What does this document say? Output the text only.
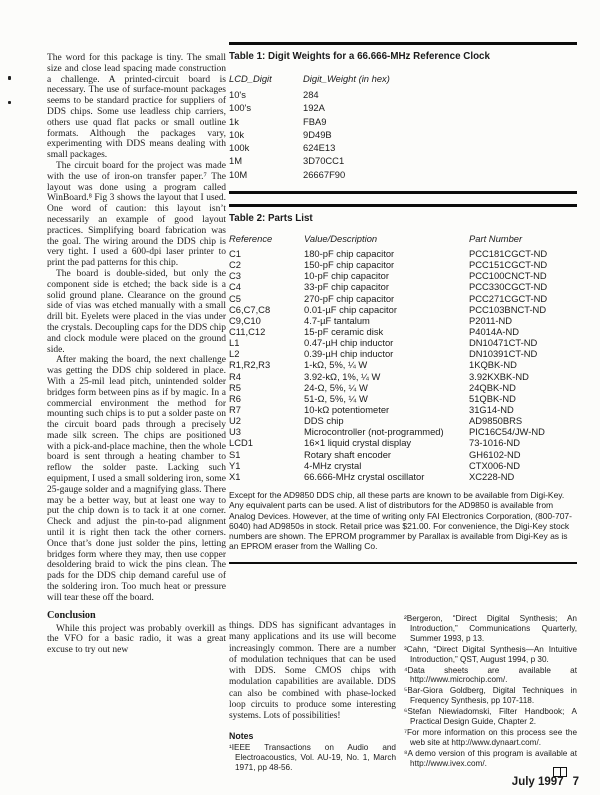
The word for this package is tiny. The small size and close lead spacing made construction a challenge. A printed-circuit board is necessary. The use of surface-mount packages seems to be standard practice for suppliers of DDS chips. Some use leadless chip carriers, others use quad flat packs or small outline formats. Although the packages vary, experimenting with DDS means dealing with small packages.

The circuit board for the project was made with the use of iron-on transfer paper.⁷ The layout was done using a program called WinBoard.⁸ Fig 3 shows the layout that I used. One word of caution: this layout isn’t necessarily an example of good layout practices. Simplifying board fabrication was the goal. The wiring around the DDS chip is very tight. I used a 600-dpi laser printer to print the pad patterns for this chip.

The board is double-sided, but only the component side is etched; the back side is a solid ground plane. Clearance on the ground side of vias was etched manually with a small drill bit. Eyelets were placed in the vias under the crystals. Decoupling caps for the DDS chip and clock module were placed on the ground side.

After making the board, the next challenge was getting the DDS chip soldered in place. With a 25-mil lead pitch, unintended solder bridges form between pins as if by magic. In a commercial environment the method for mounting such chips is to put a solder paste on the circuit board pads through a precisely made silk screen. The chips are positioned with a pick-and-place machine, then the whole board is sent through a heating chamber to reflow the solder paste. Lacking such equipment, I used a small soldering iron, some 25-gauge solder and a magnifying glass. There may be a better way, but at least one way to put the chip down is to tack it at one corner. Check and adjust the pin-to-pad alignment until it is right then tack the other corners. Once that’s done just solder the pins, letting bridges form where they may, then use copper desoldering braid to wick the pins clean. The pads for the DDS chip demand careful use of the soldering iron. Too much heat or pressure will tear these off the board.

Conclusion

While this project was probably overkill as the VFO for a basic radio, it was a great excuse to try out new

Table 1: Digit Weights for a 66.666-MHz Reference Clock
LCD_Digit	Digit_Weight (in hex)
10's	284
100's	192A
1k	FBA9
10k	9D49B
100k	624E13
1M	3D70CC1
10M	26667F90
Table 2: Parts List
Reference	Value/Description	Part Number
C1	180-pF chip capacitor	PCC181CGCT-ND
C2	150-pF chip capacitor	PCC151CGCT-ND
C3	10-pF chip capacitor	PCC100CNCT-ND
C4	33-pF chip capacitor	PCC330CGCT-ND
C5	270-pF chip capacitor	PCC271CGCT-ND
C6,C7,C8	0.01-µF chip capacitor	PCC103BNCT-ND
C9,C10	4.7-µF tantalum	P2011-ND
C11,C12	15-pF ceramic disk	P4014A-ND
L1	0.47-µH chip inductor	DN10471CT-ND
L2	0.39-µH chip inductor	DN10391CT-ND
R1,R2,R3	1-kΩ, 5%, ¼ W	1KQBK-ND
R4	3.92-kΩ, 1%, ¼ W	3.92KXBK-ND
R5	24-Ω, 5%, ¼ W	24QBK-ND
R6	51-Ω, 5%, ¼ W	51QBK-ND
R7	10-kΩ potentiometer	31G14-ND
U2	DDS chip	AD9850BRS
U3	Microcontroller (not-programmed)	PIC16C54/JW-ND
LCD1	16×1 liquid crystal display	73-1016-ND
S1	Rotary shaft encoder	GH6102-ND
Y1	4-MHz crystal	CTX006-ND
X1	66.666-MHz crystal oscillator	XC228-ND
Except for the AD9850 DDS chip, all these parts are known to be available from Digi-Key. Any equivalent parts can be used. A list of distributors for the AD9850 is available from Analog Devices. However, at the time of writing only FAI Electronics Corporation, (800-707-6040) had AD9850s in stock. Retail price was $21.00. For convenience, the Digi-Key stock numbers are shown. The EPROM programmer by Parallax is available from Digi-Key as is an EPROM eraser from the Walling Co.

things. DDS has significant advantages in many applications and its use will become increasingly common. There are a number of modulation techniques that can be used with DDS. Some CMOS chips with modulation capabilities are available. DDS can also be combined with phase-locked loop circuits to produce some interesting systems. Lots of possibilities!

Notes

¹IEEE Transactions on Audio and Electroacoustics, Vol. AU-19, No. 1, March 1971, pp 48-56.

²Bergeron, “Direct Digital Synthesis; An Introduction,” Communications Quarterly, Summer 1993, p 13.

³Cahn, “Direct Digital Synthesis—An Intuitive Introduction,” QST, August 1994, p 30.

⁴Data sheets are available at http://www.microchip.com/.

⁵Bar-Giora Goldberg, Digital Techniques in Frequency Synthesis, pp 107-118.

⁶Stefan Niewiadomski, Filter Handbook; A Practical Design Guide, Chapter 2.

⁷For more information on this process see the web site at http://www.dynaart.com/.

⁸A demo version of this program is available at http://www.ivex.com/.

July 1997 7
